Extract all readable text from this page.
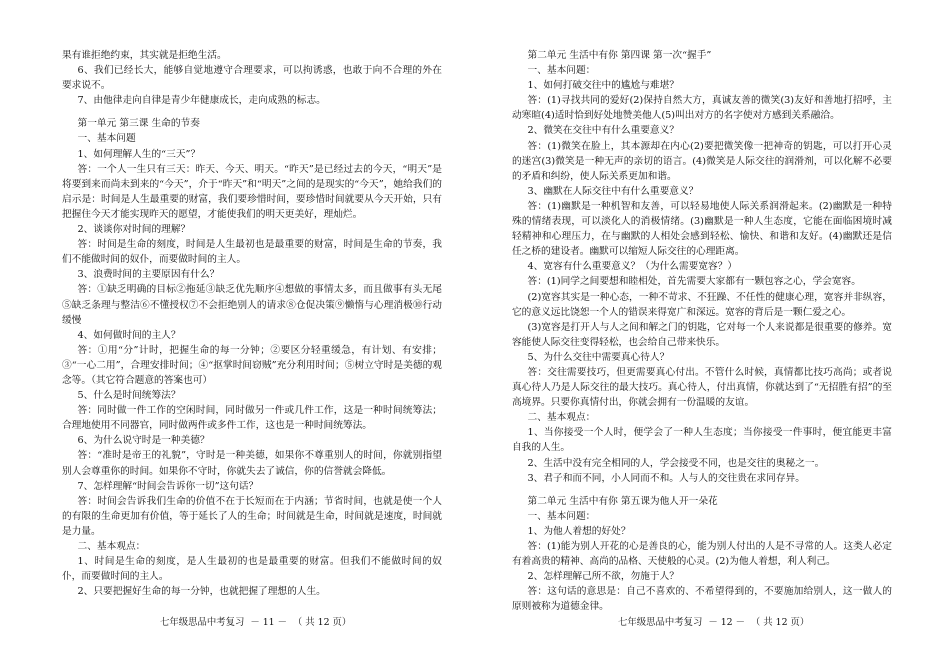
果有谁拒绝约束，其实就是拒绝生活。

6、我们已经长大，能够自觉地遵守合理要求，可以拘诱惑，也敢于向不合理的外在要求说不。

7、由他律走向自律是青少年健康成长，走向成熟的标志。

第一单元 第三课 生命的节奏

一、基本问题

1、如何理解人生的“三天”？

答：一个人一生只有三天：昨天、今天、明天。“昨天”是已经过去的今天，“明天”是将要到来而尚未到来的“今天”，介于“昨天”和“明天”之间的是现实的“今天”，她给我们的启示是：时间是人生最重要的财富，我们要珍惜时间，要珍惜时间就要从今天开始，只有把握住今天才能实现昨天的愿望，才能使我们的明天更美好，理灿烂。

2、谈谈你对时间的理解？

答：时间是生命的刻度，时间是人生最初也是最重要的财富，时间是生命的节奏，我们不能做时间的奴仆，而要做时间的主人。

3、浪费时间的主要原因有什么？

答：①缺乏明确的目标②拖延③缺乏优先顺序④想做的事情太多，而且做事有头无尾⑤缺乏条理与整洁⑥不懂授权⑦不会拒绝别人的请求⑧仓促决策⑨懒惰与心理消极⑩行动缓慢

4、如何做时间的主人？

答：①用“分”计时，把握生命的每一分钟；②要区分轻重缓急，有计划、有安排；③“一心二用”，合理安排时间；④“抠掌时间窃贼”充分利用时间；⑤树立守时是美德的观念等。（其它符合题意的答案也可）

5、什么是时间统筹法？

答：同时做一件工作的空闲时间，同时做另一件或几件工作，这是一种时间统筹法；合理地使用不同器官，同时做两件或多件工作，这也是一种时间统筹法。

6、为什么说守时是一种美德？

答：“准时是帝王的礼貌”，守时是一种美德，如果你不尊重别人的时间，你就别指望别人会尊重你的时间。如果你不守时，你就失去了诚信，你的信誉就会降低。

7、怎样理解“时间会告诉你一切”这句话？

答：时间会告诉我们生命的价值不在于长短而在于内涵；节省时间，也就是使一个人的有限的生命更加有价值，等于延长了人的生命；时间就是生命，时间就是速度，时间就是力量。

二、基本观点：

1、时间是生命的刻度，是人生最初的也是最重要的财富。但我们不能做时间的奴仆，而要做时间的主人。

2、只要把握好生命的每一分钟，也就把握了理想的人生。

第二单元 生活中有你 第四课 第一次“握手”

一、基本问题：

1、如何打破交往中的尴尬与难堪？

答：(1)寻找共同的爱好(2)保持自然大方，真诚友善的微笑(3)友好和善地打招呼，主动寒暄(4)适时恰到好处地赞美他人(5)叫出对方的名字使对方感到关系融洽。

2、微笑在交往中有什么重要意义？

答：(1)微笑在脸上，其本源却在内心(2)要把微笑像一把神奇的钥匙，可以打开心灵的迷宫(3)微笑是一种无声的亲切的语言。(4)微笑是人际交往的润滑剂，可以化解不必要的矛盾和纠纷，使人际关系更加和谐。

3、幽默在人际交往中有什么重要意义？

答：(1)幽默是一种机智和友善，可以轻易地使人际关系润滑起来。(2)幽默是一种特殊的情绪表现，可以淡化人的消极情绪。(3)幽默是一种人生态度，它能在面临困境时减轻精神和心理压力，在与幽默的人相处会感到轻松、愉快、和谐和友好。(4)幽默还是信任之桥的建设者。幽默可以缩短人际交往的心理距离。

4、宽容有什么重要意义？（为什么需要宽容？）

答：(1)同学之间要想和睦相处，首先需要大家都有一颗包容之心，学会宽容。

(2)宽容其实是一种心态，一种不苛求、不狂躁、不任性的健康心理，宽容并非纵容，它的意义远比饶恕一个人的错误来得宽广和深远。宽容的背后是一颗仁爱之心。

(3)宽容是打开人与人之间和解之门的钥匙，它对每一个人来说都是很重要的修养。宽容能使人际交往变得轻松，也会给自己带来快乐。

5、为什么交往中需要真心待人？

答：交往需要技巧，但更需要真心付出。不管什么时候，真情都比技巧高尚；或者说真心待人乃是人际交往的最大技巧。真心待人，付出真情，你就达到了“无招胜有招”的至高境界。只要你真情付出，你就会拥有一份温暖的友谊。

二、基本观点：

1、当你接受一个人时，便学会了一种人生态度；当你接受一件事时，便宜能更丰富自我的人生。

2、生活中没有完全相同的人，学会接受不同，也是交往的奥秘之一。

3、君子和而不同，小人同而不和。人与人的交往贵在求同存异。

第二单元 生活中有你 第五课为他人开一朵花

一、基本问题：

1、为他人着想的好处？

答：(1)能为别人开花的心是善良的心，能为别人付出的人是不寻常的人。这类人必定有着高贵的精神、高尚的品格、天使般的心灵。(2)为他人着想，利人利己。

2、怎样理解己所不欲，勿施于人？

答：这句话的意思是：自己不喜欢的、不希望得到的，不要施加给别人，这一做人的原则被称为道德金律。

七年级思品中考复习  － 11 －  （ 共 12 页）	七年级思品中考复习  － 12 －  （ 共 12 页）
